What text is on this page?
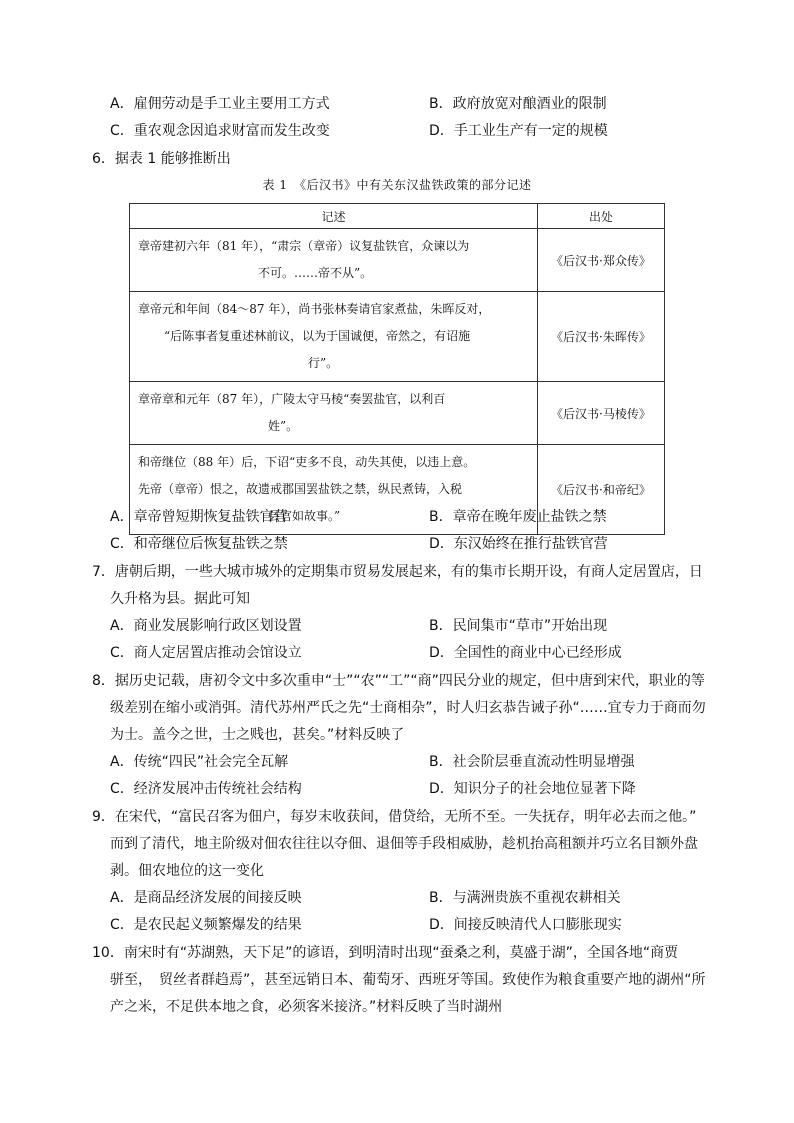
A．雇佣劳动是手工业主要用工方式	B．政府放宽对酿酒业的限制
C．重农观念因追求财富而发生改变	D．手工业生产有一定的规模
6．据表 1 能够推断出
表 1　《后汉书》中有关东汉盐铁政策的部分记述
记述	出处

章帝建初六年（81 年），“肃宗（章帝）议复盐铁官，众谏以为
不可。……帝不从”。	《后汉书·郑众传》

章帝元和年间（84～87 年），尚书张林奏请官家煮盐，朱晖反对，
“后陈事者复重述林前议，以为于国诚便，帝然之，有诏施
行”。	《后汉书·朱晖传》

章帝章和元年（87 年），广陵太守马棱“奏罢盐官，以利百
姓”。	《后汉书·马棱传》

和帝继位（88 年）后，下诏“吏多不良，动失其使，以违上意。
先帝（章帝）恨之，故遗戒郡国罢盐铁之禁，纵民煮铸，入税
县官如故事。”	《后汉书·和帝纪》
A．章帝曾短期恢复盐铁官营	B．章帝在晚年废止盐铁之禁
C．和帝继位后恢复盐铁之禁	D．东汉始终在推行盐铁官营
7．唐朝后期，一些大城市城外的定期集市贸易发展起来，有的集市长期开设，有商人定居置店，日
久升格为县。据此可知
A．商业发展影响行政区划设置	B．民间集市“草市”开始出现
C．商人定居置店推动会馆设立	D．全国性的商业中心已经形成
8．据历史记载，唐初令文中多次重申“士”“农”“工”“商”四民分业的规定，但中唐到宋代，职业的等
级差别在缩小或消弭。清代苏州严氏之先“士商相杂”，时人归玄恭告诫子孙“……宜专力于商而勿
为士。盖今之世，士之贱也，甚矣。”材料反映了
A．传统“四民”社会完全瓦解	B．社会阶层垂直流动性明显增强
C．经济发展冲击传统社会结构	D．知识分子的社会地位显著下降
9．在宋代，“富民召客为佃户，每岁末收获间，借贷给，无所不至。一失抚存，明年必去而之他。”
而到了清代，地主阶级对佃农往往以夺佃、退佃等手段相威胁，趁机抬高租额并巧立名目额外盘
剥。佃农地位的这一变化
A．是商品经济发展的间接反映	B．与满洲贵族不重视农耕相关
C．是农民起义频繁爆发的结果	D．间接反映清代人口膨胀现实
10．南宋时有“苏湖熟，天下足”的谚语，到明清时出现“蚕桑之利，莫盛于湖”，全国各地“商贾
骈至，　贸丝者群趋焉”，甚至远销日本、葡萄牙、西班牙等国。致使作为粮食重要产地的湖州“所
产之米，不足供本地之食，必须客米接济。”材料反映了当时湖州
